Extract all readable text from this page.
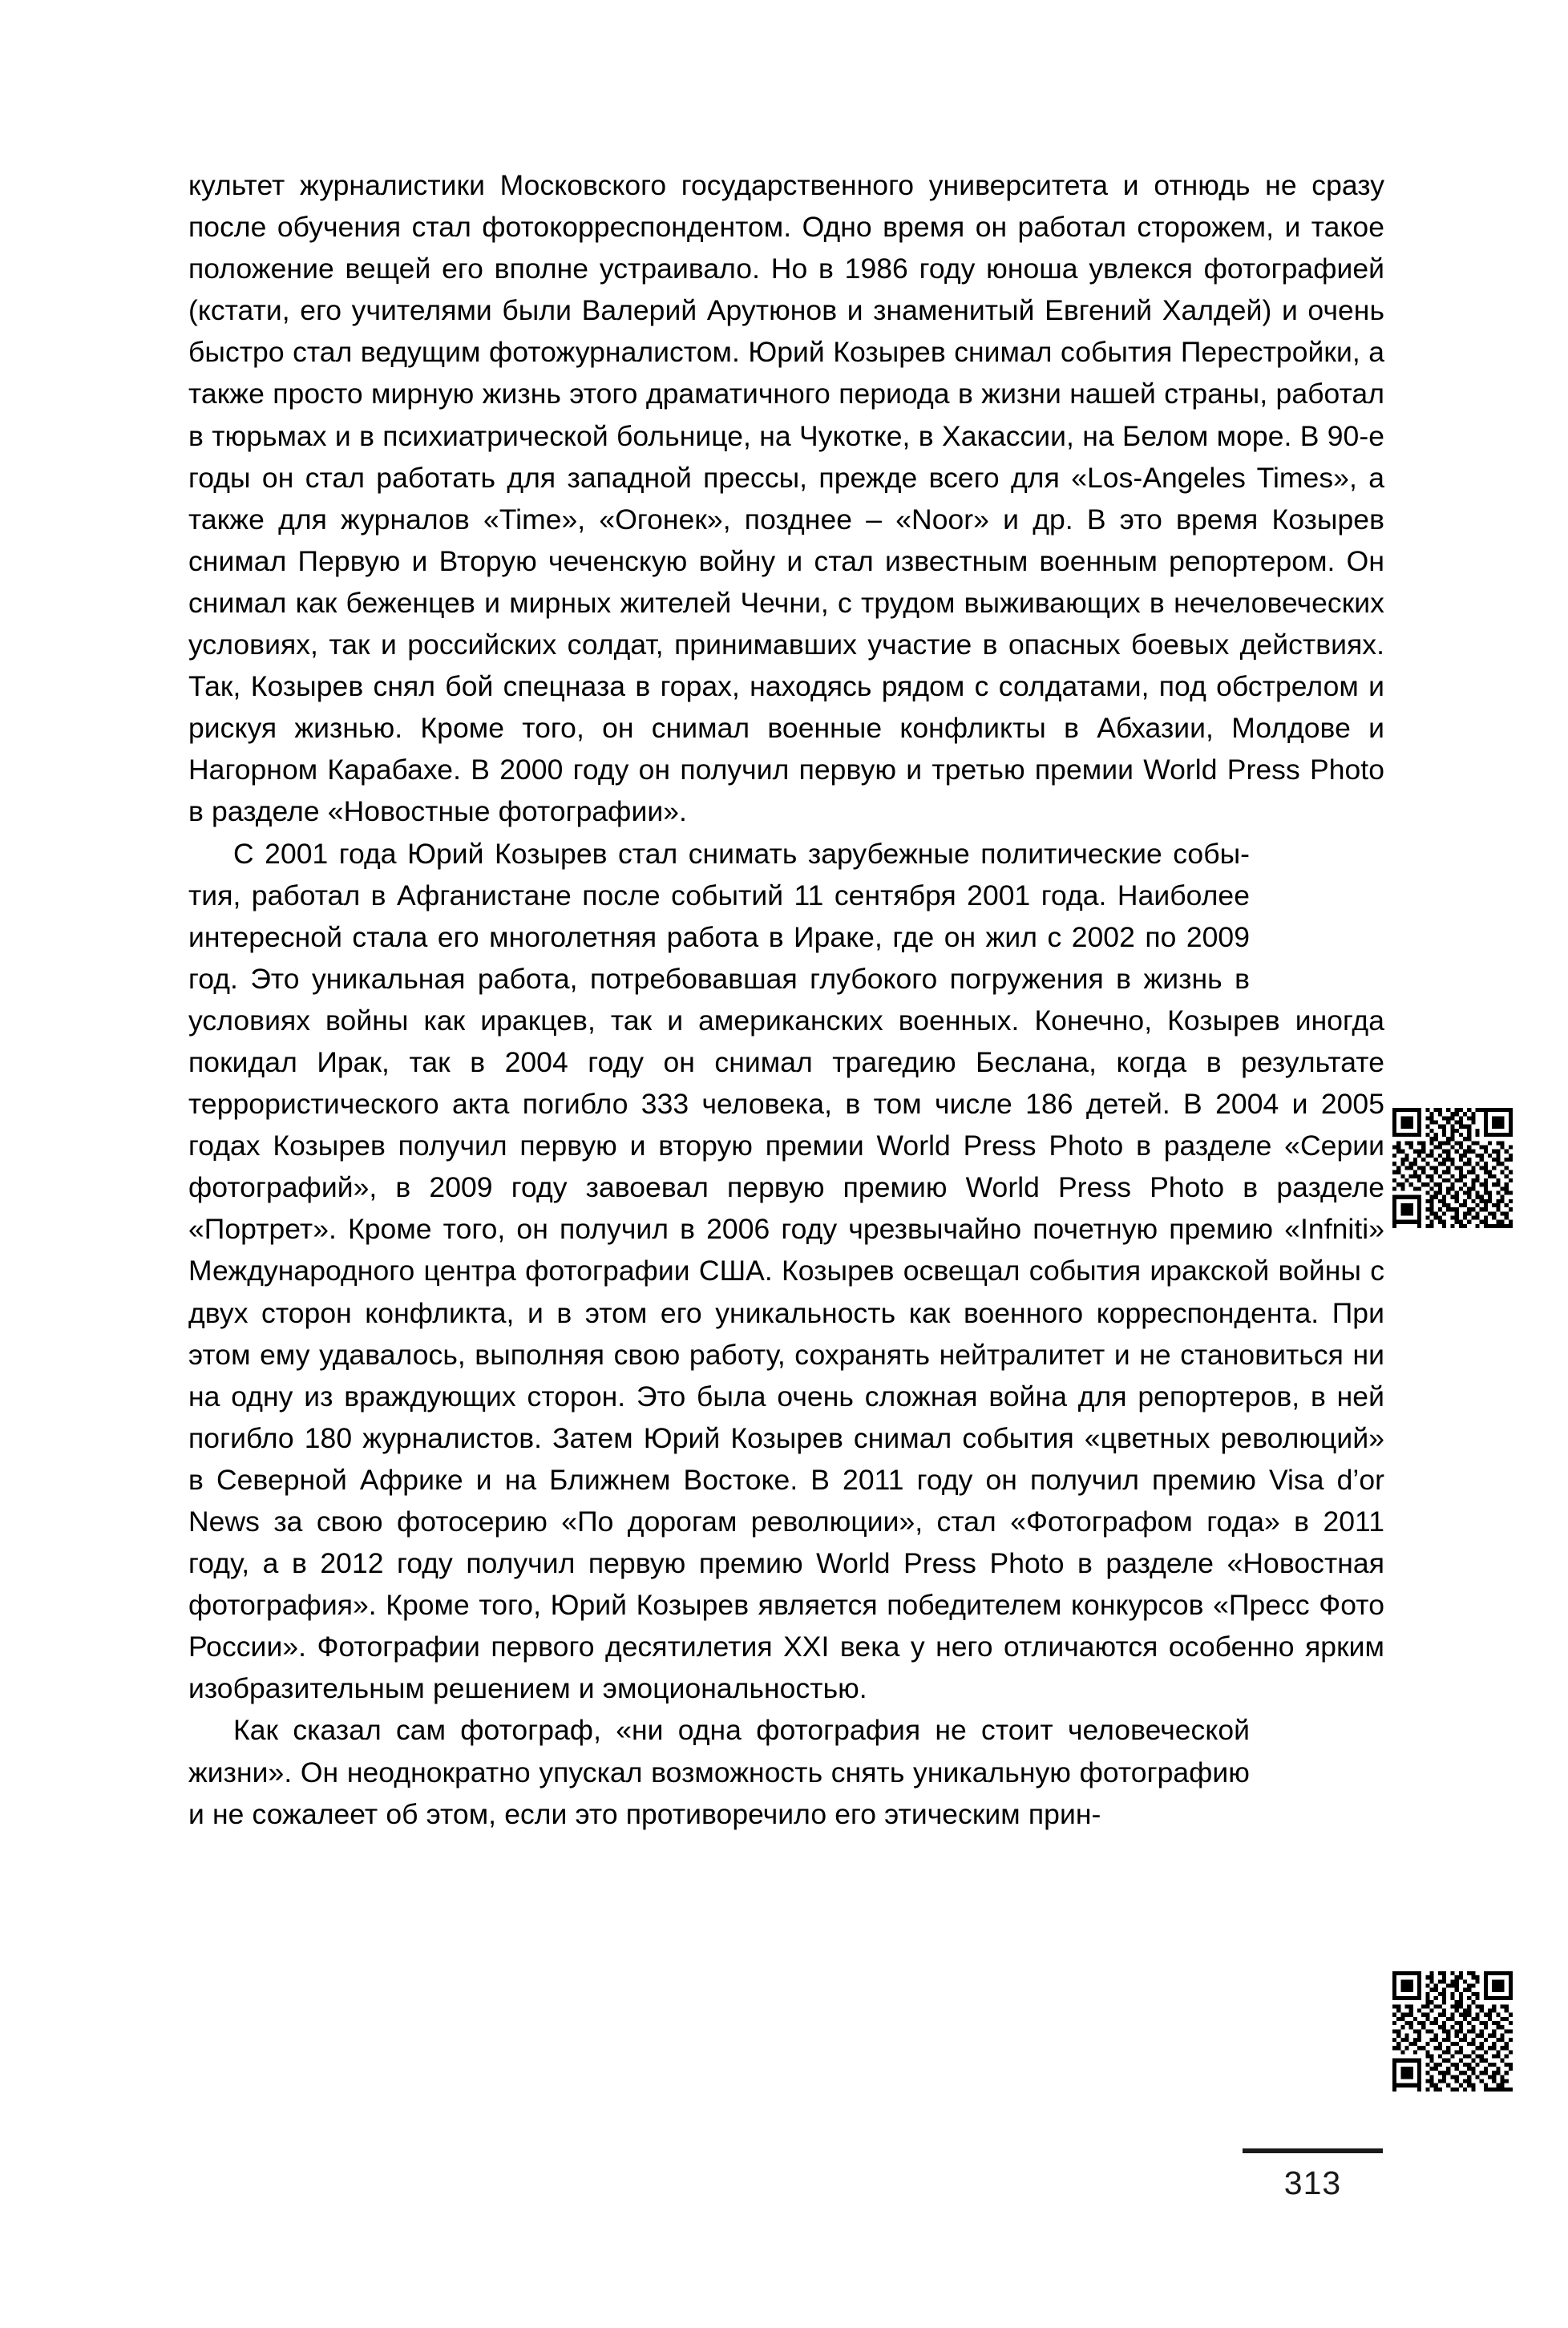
культет журналистики Московского государственного университета и отнюдь не сразу после обучения стал фотокорреспондентом. Одно время он работал сторожем, и такое положение вещей его вполне устраивало. Но в 1986 году юноша увлекся фотографией (кстати, его учителями были Валерий Арутюнов и знаменитый Евгений Халдей) и очень быстро стал ведущим фотожурналистом. Юрий Козырев снимал события Перестройки, а также просто мирную жизнь этого драматичного периода в жизни нашей страны, работал в тюрьмах и в психиатрической больнице, на Чукотке, в Хакассии, на Белом море. В 90-е годы он стал работать для западной прессы, прежде всего для «Los-Angeles Times», а также для журналов «Time», «Огонек», позднее – «Noor» и др. В это время Козырев снимал Первую и Вторую чеченскую войну и стал известным военным репортером. Он снимал как беженцев и мирных жителей Чечни, с трудом выживающих в нечеловеческих условиях, так и российских солдат, принимавших участие в опасных боевых действиях. Так, Козырев снял бой спецназа в горах, находясь рядом с солдатами, под обстрелом и рискуя жизнью. Кроме того, он снимал военные конфликты в Абхазии, Молдове и Нагорном Карабахе. В 2000 году он получил первую и третью премии World Press Photo в разделе «Новостные фотографии».

С 2001 года Юрий Козырев стал снимать зарубежные политические события, работал в Афганистане после событий 11 сентября 2001 года. Наиболее интересной стала его многолетняя работа в Ираке, где он жил с 2002 по 2009 год. Это уникальная работа, потребовавшая глубокого погружения в жизнь в условиях войны как иракцев, так и американских военных. Конечно, Козырев иногда покидал Ирак, так в 2004 году он снимал трагедию Беслана, когда в результате террористического акта погибло 333 человека, в том числе 186 детей. В 2004 и 2005 годах Козырев получил первую и вторую премии World Press Photo в разделе «Серии фотографий», в 2009 году завоевал первую премию World Press Photo в разделе «Портрет». Кроме того, он получил в 2006 году чрезвычайно почетную премию «Infniti» Международного центра фотографии США. Козырев освещал события иракской войны с двух сторон конфликта, и в этом его уникальность как военного корреспондента. При этом ему удавалось, выполняя свою работу, сохранять нейтралитет и не становиться ни на одну из враждующих сторон. Это была очень сложная война для репортеров, в ней погибло 180 журналистов. Затем Юрий Козырев снимал события «цветных революций» в Северной Африке и на Ближнем Востоке. В 2011 году он получил премию Visa d’or News за свою фотосерию «По дорогам революции», стал «Фотографом года» в 2011 году, а в 2012 году получил первую премию World Press Photo в разделе «Новостная фотография». Кроме того, Юрий Козырев является победителем конкурсов «Пресс Фото России». Фотографии первого десятилетия XXI века у него отличаются особенно ярким изобразительным решением и эмоциональностью.

Как сказал сам фотограф, «ни одна фотография не стоит человеческой жизни». Он неоднократно упускал возможность снять уникальную фотографию и не сожалеет об этом, если это противоречило его этическим прин-

313
